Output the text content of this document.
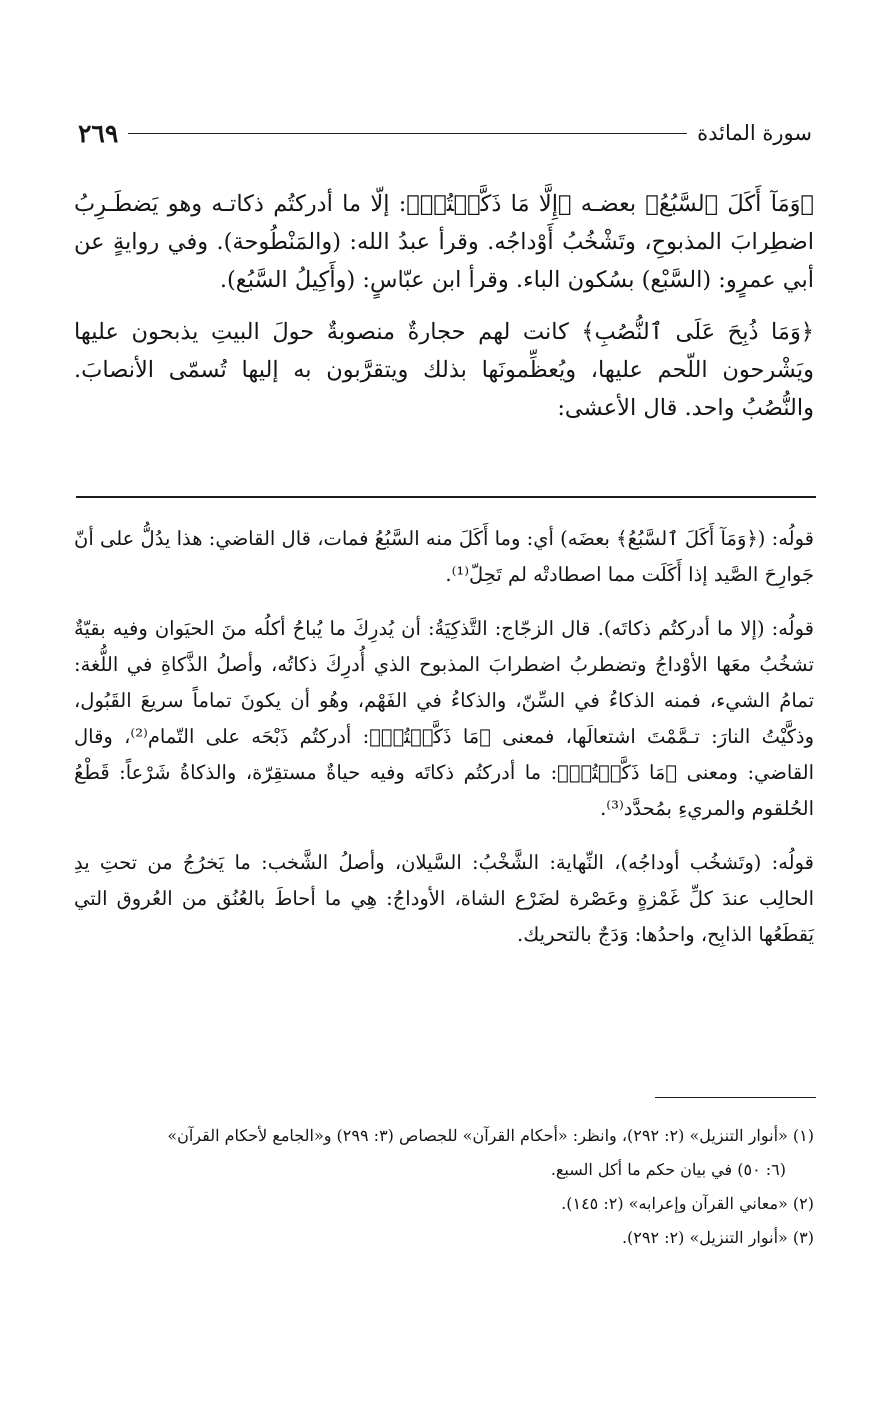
سورة المائدة
٢٦٩

﴿وَمَآ أَكَلَ ٱلسَّبُعُ﴾ بعضـه ﴿إِلَّا مَا ذَكَّيۡتُمۡ﴾: إلّا ما أدركتُم ذكاتـه وهو يَضطَـرِبُ اضطِرابَ المذبوحِ، وتَشْخُبُ أَوْداجُه. وقرأ عبدُ الله: (والمَنْطُوحة). وفي روايةٍ عن أبي عمرٍو: (السَّبْع) بسُكون الباء. وقرأ ابن عبّاسٍ: (وأَكِيلُ السَّبُع).

﴿وَمَا ذُبِحَ عَلَى ٱلنُّصُبِ﴾ كانت لهم حجارةٌ منصوبةٌ حولَ البيتِ يذبحون عليها ويَشْرحون اللّحم عليها، ويُعظِّمونَها بذلك ويتقرَّبون به إليها تُسمّى الأنصابَ. والنُّصُبُ واحد. قال الأعشى:

قولُه: (﴿وَمَآ أَكَلَ ٱلسَّبُعُ﴾ بعضَه) أي: وما أَكَلَ منه السَّبُعُ فمات، قال القاضي: هذا يدُلُّ على أنّ جَوارِحَ الصَّيد إذا أَكَلَت مما اصطادتْه لم تَحِلّ⁽¹⁾.

قولُه: (إلا ما أدركتُم ذكاتَه). قال الزجّاج: التَّذكِيَةُ: أن يُدرِكَ ما يُباحُ أكلُه منَ الحيَوان وفيه بقيّةٌ تشخُبُ معَها الأوْداجُ وتضطربُ اضطرابَ المذبوح الذي أُدرِكَ ذكاتُه، وأصلُ الذَّكاةِ في اللُّغة: تمامُ الشيء، فمنه الذكاءُ في السِّنّ، والذكاءُ في الفَهْم، وهُو أن يكونَ تماماً سريعَ القَبُول، وذكَّيْتُ النارَ: تـمَّمْتَ اشتعالَها، فمعنى ﴿مَا ذَكَّيۡتُمۡ﴾: أدركتُم ذَبْحَه على التّمام⁽²⁾، وقال القاضي: ومعنى ﴿مَا ذَكَّيۡتُمۡ﴾: ما أدركتُم ذكاتَه وفيه حياةٌ مستقِرّة، والذكاةُ شَرْعاً: قَطْعُ الحُلقوم والمريءِ بمُحدَّد⁽³⁾.

قولُه: (وتَشخُب أوداجُه)، النِّهاية: الشَّخْبُ: السَّيلان، وأصلُ الشَّخب: ما يَخرُجُ من تحتِ يدِ الحالِب عندَ كلِّ غَمْزةٍ وعَصْرة لضَرْع الشاة، الأوداجُ: هِي ما أحاطَ بالعُنُق من العُروق التي يَقطَعُها الذابِح، واحدُها: وَدَجٌ بالتحريك.

(١) «أنوار التنزيل» (٢: ٢٩٢)، وانظر: «أحكام القرآن» للجصاص (٣: ٢٩٩) و«الجامع لأحكام القرآن»

(٦: ٥٠) في بيان حكم ما أكل السبع.

(٢) «معاني القرآن وإعرابه» (٢: ١٤٥).

(٣) «أنوار التنزيل» (٢: ٢٩٢).
